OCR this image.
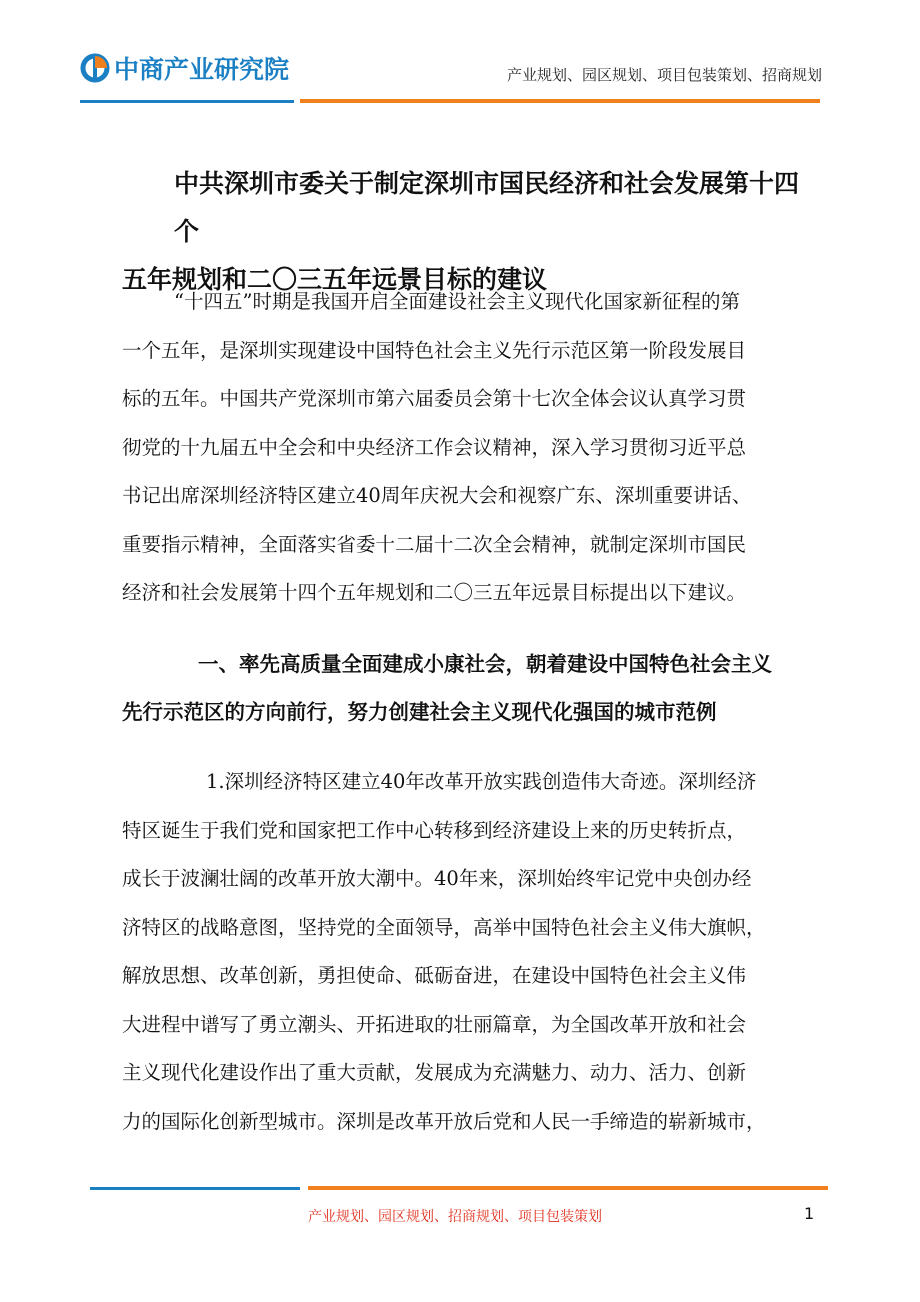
中商产业研究院	产业规划、园区规划、项目包装策划、招商规划
中共深圳市委关于制定深圳市国民经济和社会发展第十四个
五年规划和二〇三五年远景目标的建议
“十四五”时期是我国开启全面建设社会主义现代化国家新征程的第
一个五年，是深圳实现建设中国特色社会主义先行示范区第一阶段发展目
标的五年。中国共产党深圳市第六届委员会第十七次全体会议认真学习贯
彻党的十九届五中全会和中央经济工作会议精神，深入学习贯彻习近平总
书记出席深圳经济特区建立40周年庆祝大会和视察广东、深圳重要讲话、
重要指示精神，全面落实省委十二届十二次全会精神，就制定深圳市国民
经济和社会发展第十四个五年规划和二〇三五年远景目标提出以下建议。
一、率先高质量全面建成小康社会，朝着建设中国特色社会主义
先行示范区的方向前行，努力创建社会主义现代化强国的城市范例
1.深圳经济特区建立40年改革开放实践创造伟大奇迹。深圳经济
特区诞生于我们党和国家把工作中心转移到经济建设上来的历史转折点，
成长于波澜壮阔的改革开放大潮中。40年来，深圳始终牢记党中央创办经
济特区的战略意图，坚持党的全面领导，高举中国特色社会主义伟大旗帜，
解放思想、改革创新，勇担使命、砥砺奋进，在建设中国特色社会主义伟
大进程中谱写了勇立潮头、开拓进取的壮丽篇章，为全国改革开放和社会
主义现代化建设作出了重大贡献，发展成为充满魅力、动力、活力、创新
力的国际化创新型城市。深圳是改革开放后党和人民一手缔造的崭新城市，
产业规划、园区规划、招商规划、项目包装策划	1
